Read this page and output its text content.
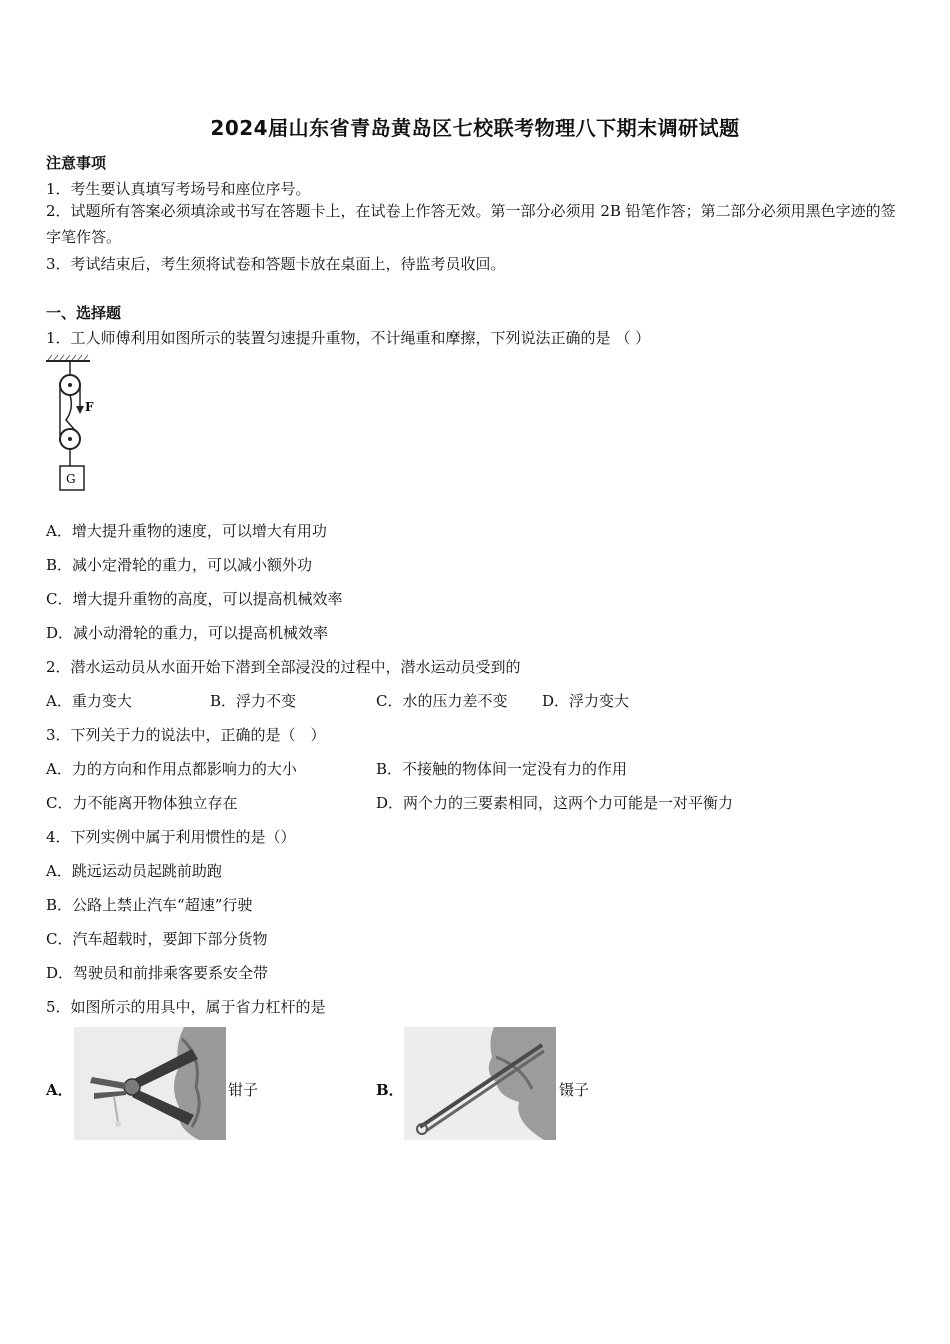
2024届山东省青岛黄岛区七校联考物理八下期末调研试题
注意事项
1．考生要认真填写考场号和座位序号。
2．试题所有答案必须填涂或书写在答题卡上，在试卷上作答无效。第一部分必须用 2B 铅笔作答；第二部分必须用黑色字迹的签字笔作答。
3．考试结束后，考生须将试卷和答题卡放在桌面上，待监考员收回。
一、选择题
1．工人师傅利用如图所示的装置匀速提升重物，不计绳重和摩擦，下列说法正确的是 （ ）
F
G
A．增大提升重物的速度，可以增大有用功
B．减小定滑轮的重力，可以减小额外功
C．增大提升重物的高度，可以提高机械效率
D．减小动滑轮的重力，可以提高机械效率
2．潜水运动员从水面开始下潜到全部浸没的过程中，潜水运动员受到的
A．重力变大	B．浮力不变	C．水的压力差不变 D．浮力变大
3．下列关于力的说法中，正确的是（　）
A．力的方向和作用点都影响力的大小	B．不接触的物体间一定没有力的作用
C．力不能离开物体独立存在	D．两个力的三要素相同，这两个力可能是一对平衡力
4．下列实例中属于利用惯性的是（）
A．跳远运动员起跳前助跑
B．公路上禁止汽车“超速”行驶
C．汽车超载时，要卸下部分货物
D．驾驶员和前排乘客要系安全带
5．如图所示的用具中，属于省力杠杆的是
A．	钳子	B．	镊子
